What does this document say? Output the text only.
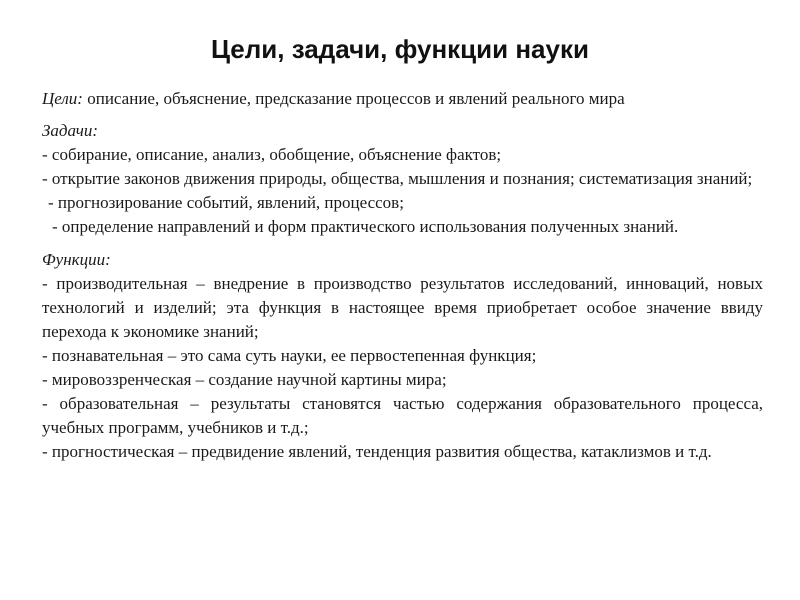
Цели, задачи, функции науки

Цели: описание, объяснение, предсказание процессов и явлений реального мира

Задачи:

- собирание, описание, анализ, обобщение, объяснение фактов;

- открытие законов движения природы, общества, мышления и познания; систематизация знаний;

- прогнозирование событий, явлений, процессов;

- определение направлений и форм практического использования полученных знаний.

Функции:

- производительная – внедрение в производство результатов исследований, инноваций, новых технологий и изделий; эта функция в настоящее время приобретает особое значение ввиду перехода к экономике знаний;

- познавательная – это сама суть науки, ее первостепенная функция;

- мировоззренческая – создание научной картины мира;

- образовательная – результаты становятся частью содержания образовательного процесса, учебных программ, учебников и т.д.;

- прогностическая – предвидение явлений, тенденция развития общества, катаклизмов и т.д.
